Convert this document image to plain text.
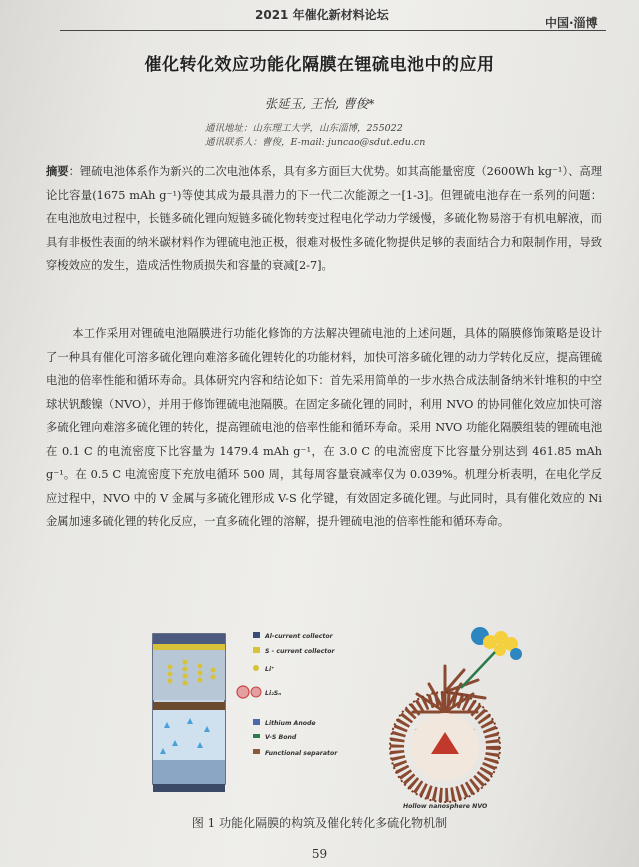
2021 年催化新材料论坛
中国·淄博
催化转化效应功能化隔膜在锂硫电池中的应用
张延玉, 王怡, 曹俊*
通讯地址：山东理工大学，山东淄博，255022
通讯联系人：曹俊，E-mail: juncao@sdut.edu.cn
摘要：锂硫电池体系作为新兴的二次电池体系，具有多方面巨大优势。如其高能量密度（2600Wh kg⁻¹）、高理论比容量(1675 mAh g⁻¹)等使其成为最具潜力的下一代二次能源之一[1-3]。但锂硫电池存在一系列的问题：在电池放电过程中，长链多硫化锂向短链多硫化物转变过程电化学动力学缓慢，多硫化物易溶于有机电解液，而具有非极性表面的纳米碳材料作为锂硫电池正极，很难对极性多硫化物提供足够的表面结合力和限制作用，导致穿梭效应的发生，造成活性物质损失和容量的衰减[2-7]。
本工作采用对锂硫电池隔膜进行功能化修饰的方法解决锂硫电池的上述问题，具体的隔膜修饰策略是设计了一种具有催化可溶多硫化锂向难溶多硫化锂转化的功能材料，加快可溶多硫化锂的动力学转化反应，提高锂硫电池的倍率性能和循环寿命。具体研究内容和结论如下：首先采用简单的一步水热合成法制备纳米针堆积的中空球状钒酸镍（NVO），并用于修饰锂硫电池隔膜。在固定多硫化锂的同时，利用 NVO 的协同催化效应加快可溶多硫化锂向难溶多硫化锂的转化，提高锂硫电池的倍率性能和循环寿命。采用 NVO 功能化隔膜组装的锂硫电池在 0.1 C 的电流密度下比容量为 1479.4 mAh g⁻¹，在 3.0 C 的电流密度下比容量分别达到 461.85 mAh g⁻¹。在 0.5 C 电流密度下充放电循环 500 周，其每周容量衰减率仅为 0.039%。机理分析表明，在电化学反应过程中，NVO 中的 V 金属与多硫化锂形成 V-S 化学键，有效固定多硫化锂。与此同时，具有催化效应的 Ni 金属加速多硫化锂的转化反应，一直多硫化锂的溶解，提升锂硫电池的倍率性能和循环寿命。
Al-current collector
S - current collector
Li⁺
Li₂Sₙ
Lithium Anode
V-S Bond
Functional separator
Hollow nanosphere NVO
图 1 功能化隔膜的构筑及催化转化多硫化物机制
59
